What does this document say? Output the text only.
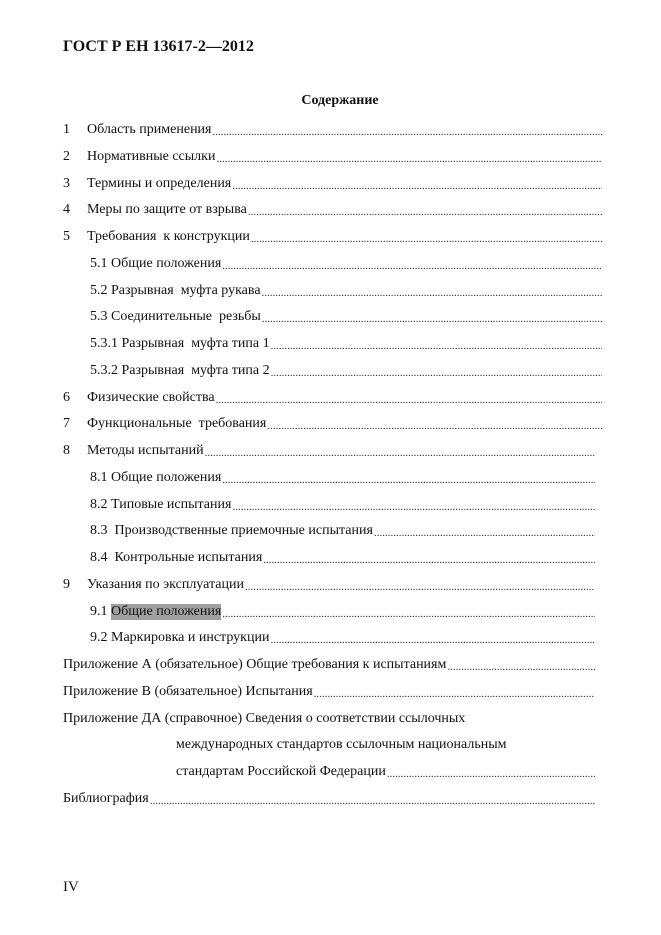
ГОСТ Р ЕН 13617-2—2012
Содержание
1 Область применения
.....
2 Нормативные ссылки
.....
3 Термины и определения
.....
4 Меры по защите от взрыва
.....
5 Требования  к конструкции
.....
5.1 Общие положения
.....
5.2 Разрывная  муфта рукава
.....
5.3 Соединительные  резьбы
.....
5.3.1 Разрывная  муфта типа 1
.....
5.3.2 Разрывная  муфта типа 2
.....
6 Физические свойства
.....
7 Функциональные  требования
.....
8 Методы испытаний
.....
8.1 Общие положения
.....
8.2 Типовые испытания
.....
8.3  Производственные приемочные испытания
.....
8.4  Контрольные испытания
.....
9 Указания по эксплуатации
.....
9.1 Общие положения
.....
9.2 Маркировка и инструкции
.....
Приложение А (обязательное) Общие требования к испытаниям
.....
Приложение В (обязательное) Испытания
.....
Приложение ДА (справочное) Сведения о соответствии ссылочных
международных стандартов ссылочным национальным
стандартам Российской Федерации
.....
Библиография
.....
IV
